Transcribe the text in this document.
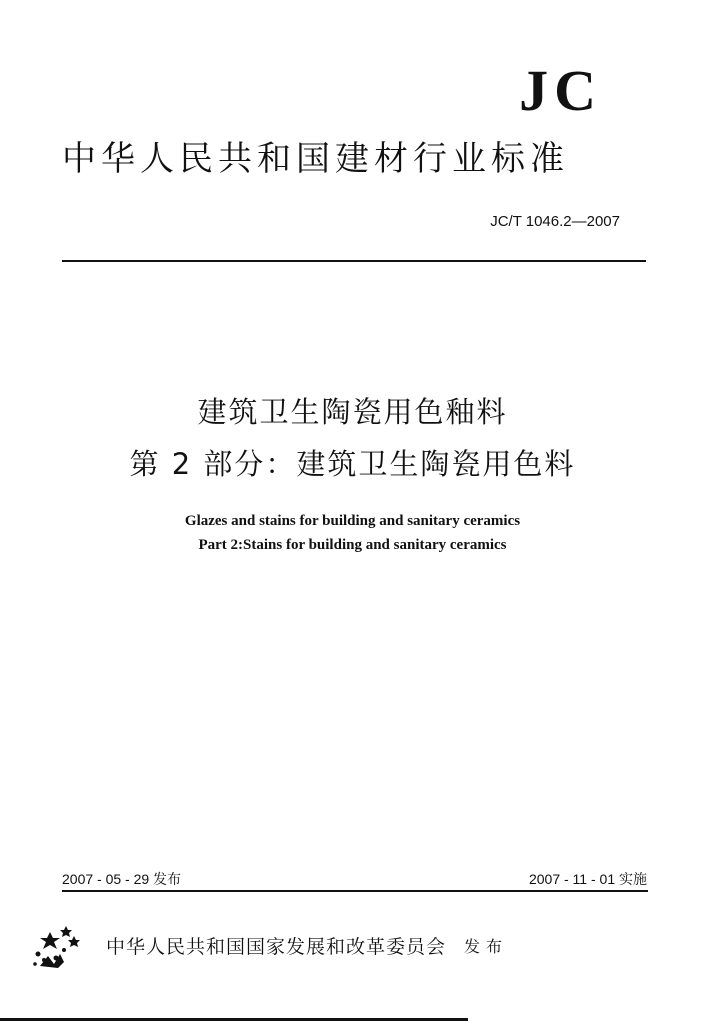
JC
中华人民共和国建材行业标准
JC/T 1046.2—2007
建筑卫生陶瓷用色釉料
第 2 部分：建筑卫生陶瓷用色料
Glazes and stains for building and sanitary ceramics
Part 2:Stains for building and sanitary ceramics
2007 - 05 - 29 发布	2007 - 11 - 01 实施
中华人民共和国国家发展和改革委员会 发布
